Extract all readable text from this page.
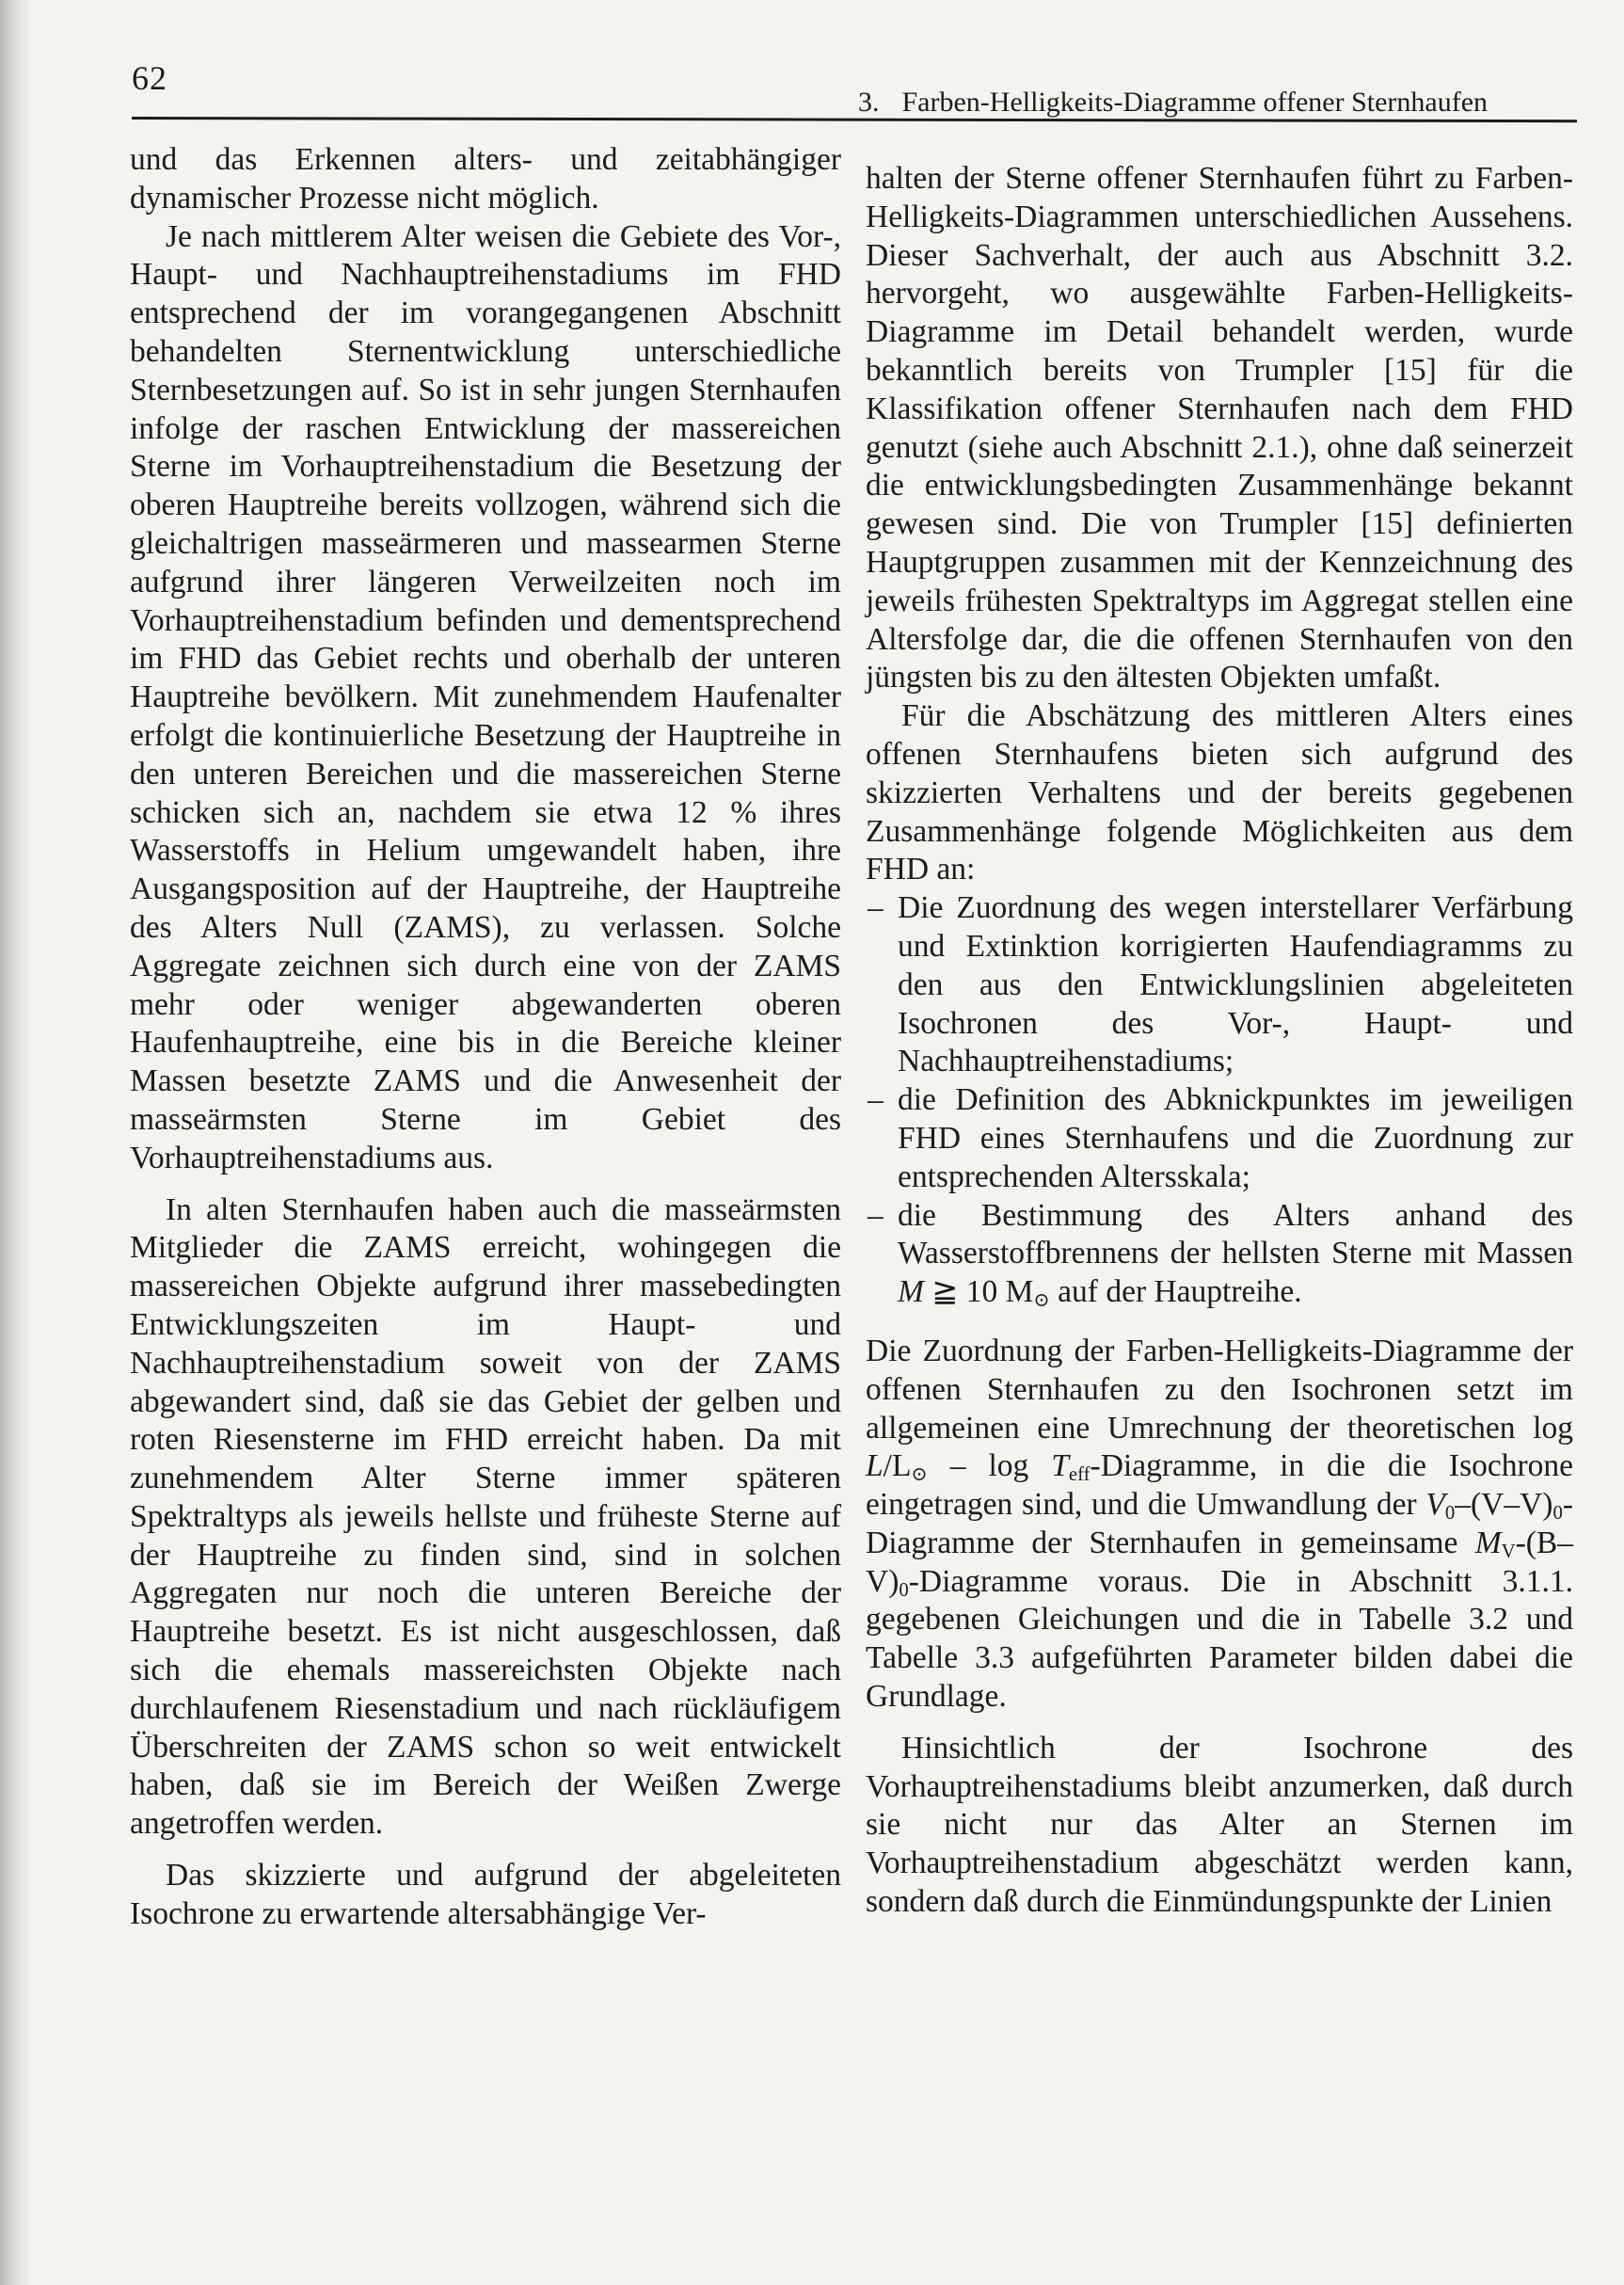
62
3. Farben-Helligkeits-Diagramme offener Sternhaufen

und das Erkennen alters- und zeitabhängiger dynamischer Prozesse nicht möglich.

Je nach mittlerem Alter weisen die Gebiete des Vor-, Haupt- und Nachhauptreihenstadiums im FHD entsprechend der im vorangegangenen Abschnitt behandelten Sternentwicklung unterschiedliche Sternbesetzungen auf. So ist in sehr jungen Sternhaufen infolge der raschen Entwicklung der massereichen Sterne im Vorhauptreihenstadium die Besetzung der oberen Hauptreihe bereits vollzogen, während sich die gleichaltrigen masseärmeren und massearmen Sterne aufgrund ihrer längeren Verweilzeiten noch im Vorhauptreihenstadium befinden und dementsprechend im FHD das Gebiet rechts und oberhalb der unteren Hauptreihe bevölkern. Mit zunehmendem Haufenalter erfolgt die kontinuierliche Besetzung der Hauptreihe in den unteren Bereichen und die massereichen Sterne schicken sich an, nachdem sie etwa 12 % ihres Wasserstoffs in Helium umgewandelt haben, ihre Ausgangsposition auf der Hauptreihe, der Hauptreihe des Alters Null (ZAMS), zu verlassen. Solche Aggregate zeichnen sich durch eine von der ZAMS mehr oder weniger abgewanderten oberen Haufenhauptreihe, eine bis in die Bereiche kleiner Massen besetzte ZAMS und die Anwesenheit der masseärmsten Sterne im Gebiet des Vorhauptreihenstadiums aus.

In alten Sternhaufen haben auch die masseärmsten Mitglieder die ZAMS erreicht, wohingegen die massereichen Objekte aufgrund ihrer massebedingten Entwicklungszeiten im Haupt- und Nachhauptreihenstadium soweit von der ZAMS abgewandert sind, daß sie das Gebiet der gelben und roten Riesensterne im FHD erreicht haben. Da mit zunehmendem Alter Sterne immer späteren Spektraltyps als jeweils hellste und früheste Sterne auf der Hauptreihe zu finden sind, sind in solchen Aggregaten nur noch die unteren Bereiche der Hauptreihe besetzt. Es ist nicht ausgeschlossen, daß sich die ehemals massereichsten Objekte nach durchlaufenem Riesenstadium und nach rückläufigem Überschreiten der ZAMS schon so weit entwickelt haben, daß sie im Bereich der Weißen Zwerge angetroffen werden.

Das skizzierte und aufgrund der abgeleiteten Isochrone zu erwartende altersabhängige Ver-

halten der Sterne offener Sternhaufen führt zu Farben-Helligkeits-Diagrammen unterschiedlichen Aussehens. Dieser Sachverhalt, der auch aus Abschnitt 3.2. hervorgeht, wo ausgewählte Farben-Helligkeits-Diagramme im Detail behandelt werden, wurde bekanntlich bereits von Trumpler [15] für die Klassifikation offener Sternhaufen nach dem FHD genutzt (siehe auch Abschnitt 2.1.), ohne daß seinerzeit die entwicklungsbedingten Zusammenhänge bekannt gewesen sind. Die von Trumpler [15] definierten Hauptgruppen zusammen mit der Kennzeichnung des jeweils frühesten Spektraltyps im Aggregat stellen eine Altersfolge dar, die die offenen Sternhaufen von den jüngsten bis zu den ältesten Objekten umfaßt.

Für die Abschätzung des mittleren Alters eines offenen Sternhaufens bieten sich aufgrund des skizzierten Verhaltens und der bereits gegebenen Zusammenhänge folgende Möglichkeiten aus dem FHD an:

– Die Zuordnung des wegen interstellarer Verfärbung und Extinktion korrigierten Haufendiagramms zu den aus den Entwicklungslinien abgeleiteten Isochronen des Vor-, Haupt- und Nachhauptreihenstadiums;
– die Definition des Abknickpunktes im jeweiligen FHD eines Sternhaufens und die Zuordnung zur entsprechenden Altersskala;
– die Bestimmung des Alters anhand des Wasserstoffbrennens der hellsten Sterne mit Massen M ≧ 10 $M_⊙$ auf der Hauptreihe.

Die Zuordnung der Farben-Helligkeits-Diagramme der offenen Sternhaufen zu den Isochronen setzt im allgemeinen eine Umrechnung der theoretischen $\log L/L_⊙$ – $\log T_{eff}$-Diagramme, in die die Isochrone eingetragen sind, und die Umwandlung der $V_0-(V-V)_0$-Diagramme der Sternhaufen in gemeinsame $M_V-(B-V)_0$-Diagramme voraus. Die in Abschnitt 3.1.1. gegebenen Gleichungen und die in Tabelle 3.2 und Tabelle 3.3 aufgeführten Parameter bilden dabei die Grundlage.

Hinsichtlich der Isochrone des Vorhauptreihenstadiums bleibt anzumerken, daß durch sie nicht nur das Alter an Sternen im Vorhauptreihenstadium abgeschätzt werden kann, sondern daß durch die Einmündungspunkte der Linien
